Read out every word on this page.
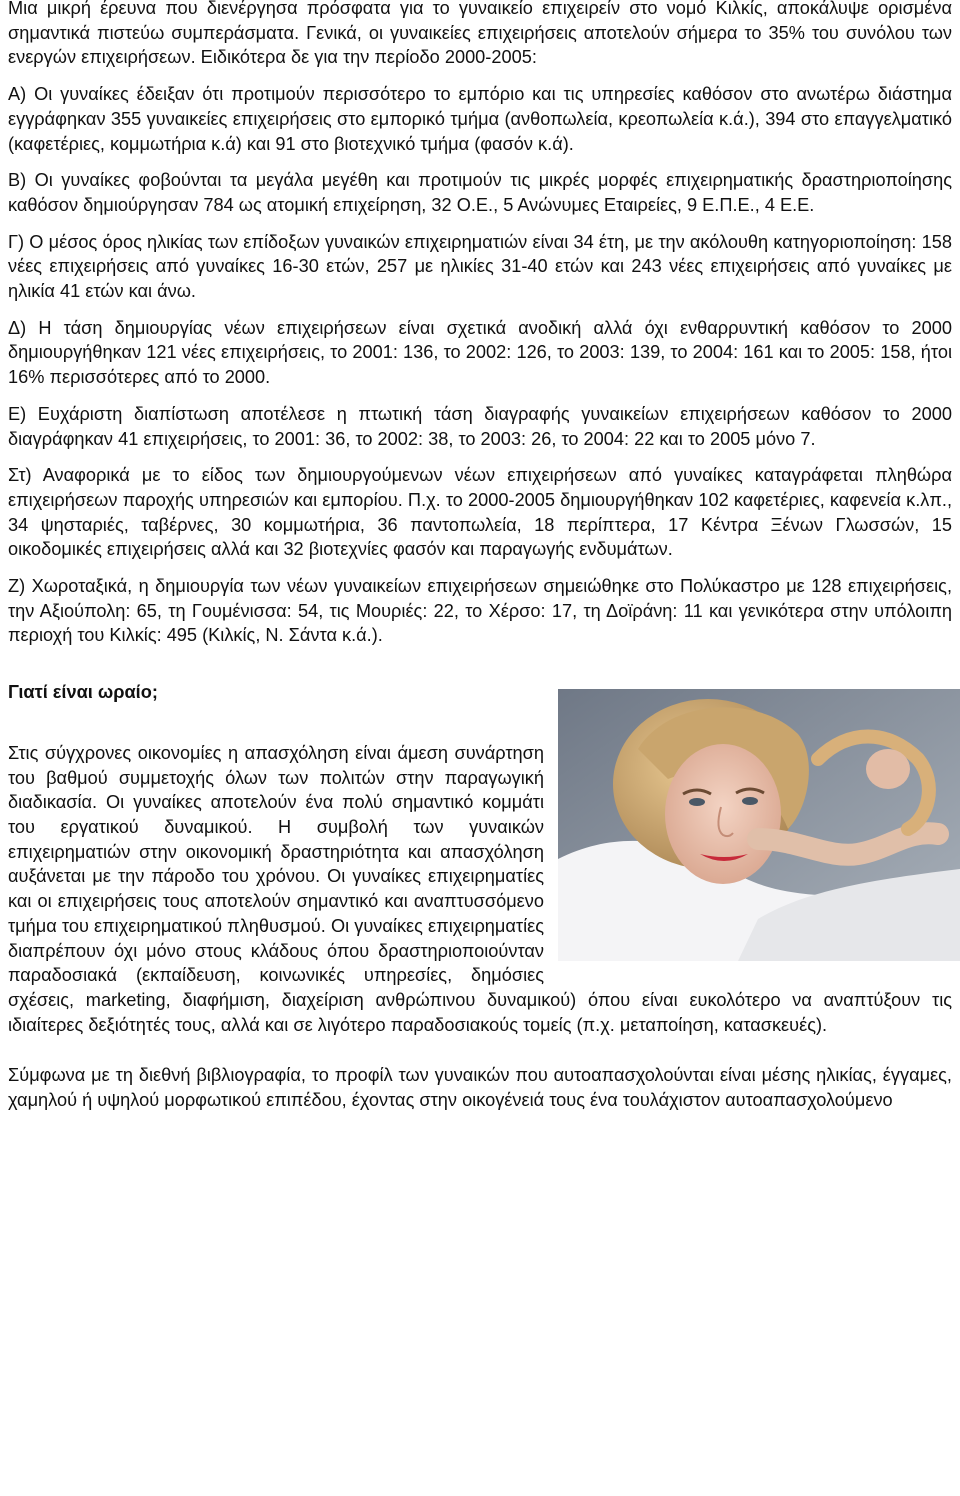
Μια μικρή έρευνα που διενέργησα πρόσφατα για το γυναικείο επιχειρείν στο νομό Κιλκίς, αποκάλυψε ορισμένα σημαντικά πιστεύω συμπεράσματα. Γενικά, οι γυναικείες επιχειρήσεις αποτελούν σήμερα το 35% του συνόλου των ενεργών επιχειρήσεων. Ειδικότερα δε για την περίοδο 2000-2005:

Α) Οι γυναίκες έδειξαν ότι προτιμούν περισσότερο το εμπόριο και τις υπηρεσίες καθόσον στο ανωτέρω διάστημα εγγράφηκαν 355 γυναικείες επιχειρήσεις στο εμπορικό τμήμα (ανθοπωλεία, κρεοπωλεία κ.ά.), 394 στο επαγγελματικό (καφετέριες, κομμωτήρια κ.ά) και 91 στο βιοτεχνικό τμήμα (φασόν κ.ά).

Β) Οι γυναίκες φοβούνται τα μεγάλα μεγέθη και προτιμούν τις μικρές μορφές επιχειρηματικής δραστηριοποίησης καθόσον δημιούργησαν 784 ως ατομική επιχείρηση, 32 Ο.Ε., 5 Ανώνυμες Εταιρείες, 9 Ε.Π.Ε., 4 Ε.Ε.

Γ) Ο μέσος όρος ηλικίας των επίδοξων γυναικών επιχειρηματιών είναι 34 έτη, με την ακόλουθη κατηγοριοποίηση: 158 νέες επιχειρήσεις από γυναίκες 16-30 ετών, 257 με ηλικίες 31-40 ετών και 243 νέες επιχειρήσεις από γυναίκες με ηλικία 41 ετών και άνω.

Δ) Η τάση δημιουργίας νέων επιχειρήσεων είναι σχετικά ανοδική αλλά όχι ενθαρρυντική καθόσον το 2000 δημιουργήθηκαν 121 νέες επιχειρήσεις, το 2001: 136, το 2002: 126, το 2003: 139, το 2004: 161 και το 2005: 158, ήτοι 16% περισσότερες από το 2000.

Ε) Ευχάριστη διαπίστωση αποτέλεσε η πτωτική τάση διαγραφής γυναικείων επιχειρήσεων καθόσον το 2000 διαγράφηκαν 41 επιχειρήσεις, το 2001: 36, το 2002: 38, το 2003: 26, το 2004: 22 και το 2005 μόνο 7.

Στ) Αναφορικά με το είδος των δημιουργούμενων νέων επιχειρήσεων από γυναίκες καταγράφεται πληθώρα επιχειρήσεων παροχής υπηρεσιών και εμπορίου. Π.χ. το 2000-2005 δημιουργήθηκαν 102 καφετέριες, καφενεία κ.λπ., 34 ψησταριές, ταβέρνες, 30 κομμωτήρια, 36 παντοπωλεία, 18 περίπτερα, 17 Κέντρα Ξένων Γλωσσών, 15 οικοδομικές επιχειρήσεις αλλά και 32 βιοτεχνίες φασόν και παραγωγής ενδυμάτων.

Ζ) Χωροταξικά, η δημιουργία των νέων γυναικείων επιχειρήσεων σημειώθηκε στο Πολύκαστρο με 128 επιχειρήσεις, την Αξιούπολη: 65, τη Γουμένισσα: 54, τις Μουριές: 22, το Χέρσο: 17, τη Δοϊράνη: 11 και γενικότερα στην υπόλοιπη περιοχή του Κιλκίς: 495 (Κιλκίς, Ν. Σάντα κ.ά.).

Γιατί είναι ωραίο;

Στις σύγχρονες οικονομίες η απασχόληση είναι άμεση συνάρτηση του βαθμού συμμετοχής όλων των πολιτών στην παραγωγική διαδικασία. Οι γυναίκες αποτελούν ένα πολύ σημαντικό κομμάτι του εργατικού δυναμικού. Η συμβολή των γυναικών επιχειρηματιών στην οικονομική δραστηριότητα και απασχόληση αυξάνεται με την πάροδο του χρόνου. Οι γυναίκες επιχειρηματίες και οι επιχειρήσεις τους αποτελούν σημαντικό και αναπτυσσόμενο τμήμα του επιχειρηματικού πληθυσμού. Οι γυναίκες επιχειρηματίες διαπρέπουν όχι μόνο στους κλάδους όπου δραστηριοποιούνταν παραδοσιακά (εκπαίδευση, κοινωνικές υπηρεσίες, δημόσιες σχέσεις, marketing, διαφήμιση, διαχείριση ανθρώπινου δυναμικού) όπου είναι ευκολότερο να αναπτύξουν τις ιδιαίτερες δεξιότητές τους, αλλά και σε λιγότερο παραδοσιακούς τομείς (π.χ. μεταποίηση, κατασκευές).

Σύμφωνα με τη διεθνή βιβλιογραφία, το προφίλ των γυναικών που αυτοαπασχολούνται είναι μέσης ηλικίας, έγγαμες, χαμηλού ή υψηλού μορφωτικού επιπέδου, έχοντας στην οικογένειά τους ένα τουλάχιστον αυτοαπασχολούμενο
